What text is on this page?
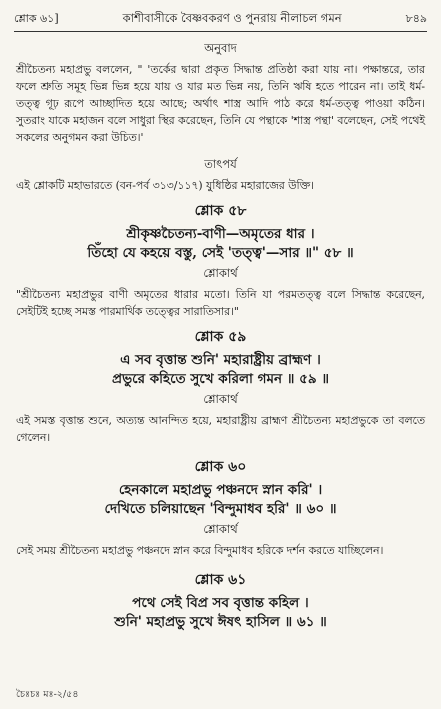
শ্লোক ৬১]	কাশীবাসীকে বৈষ্ণবকরণ ও পুনরায় নীলাচল গমন	৮৪৯
অনুবাদ

শ্রীচৈতন্য মহাপ্রভু বললেন, " 'তর্কের দ্বারা প্রকৃত সিদ্ধান্ত প্রতিষ্ঠা করা যায় না। পক্ষান্তরে, তার ফলে শ্রুতি সমূহ ভিন্ন ভিন্ন হয়ে যায় ও যার মত ভিন্ন নয়, তিনি ঋষি হতে পারেন না। তাই ধর্ম-তত্ত্ব গূঢ় রূপে আচ্ছাদিত হয়ে আছে; অর্থাৎ শাস্ত্র আদি পাঠ করে ধর্ম-তত্ত্ব পাওয়া কঠিন। সুতরাং যাকে মহাজন বলে সাধুরা স্থির করেছেন, তিনি যে পন্থাকে 'শাস্ত্র পন্থা' বলেছেন, সেই পথেই সকলের অনুগমন করা উচিত।'

তাৎপর্য

এই শ্লোকটি মহাভারতে (বন-পর্ব ৩১৩/১১৭) যুধিষ্ঠির মহারাজের উক্তি।

শ্লোক ৫৮
শ্রীকৃষ্ণচৈতন্য-বাণী—অমৃতের ধার ।
তিঁহো যে কহয়ে বস্তু, সেই 'তত্ত্ব'—সার ॥" ৫৮ ॥
শ্লোকার্থ

"শ্রীচৈতন্য মহাপ্রভুর বাণী অমৃতের ধারার মতো। তিনি যা পরমতত্ত্ব বলে সিদ্ধান্ত করেছেন, সেইটিই হচ্ছে সমস্ত পারমার্থিক তত্ত্বের সারাতিসার।"

শ্লোক ৫৯
এ সব বৃত্তান্ত শুনি' মহারাষ্ট্রীয় ব্রাহ্মণ ।
প্রভুরে কহিতে সুখে করিলা গমন ॥ ৫৯ ॥
শ্লোকার্থ

এই সমস্ত বৃত্তান্ত শুনে, অত্যন্ত আনন্দিত হয়ে, মহারাষ্ট্রীয় ব্রাহ্মণ শ্রীচৈতন্য মহাপ্রভুকে তা বলতে গেলেন।

শ্লোক ৬০
হেনকালে মহাপ্রভু পঞ্চনদে স্নান করি' ।
দেখিতে চলিয়াছেন 'বিন্দুমাধব হরি' ॥ ৬০ ॥
শ্লোকার্থ

সেই সময় শ্রীচৈতন্য মহাপ্রভু পঞ্চনদে স্নান করে বিন্দুমাধব হরিকে দর্শন করতে যাচ্ছিলেন।

শ্লোক ৬১
পথে সেই বিপ্র সব বৃত্তান্ত কহিল ।
শুনি' মহাপ্রভু সুখে ঈষৎ হাসিল ॥ ৬১ ॥
চৈঃচঃ মঃ-২/৫৪
